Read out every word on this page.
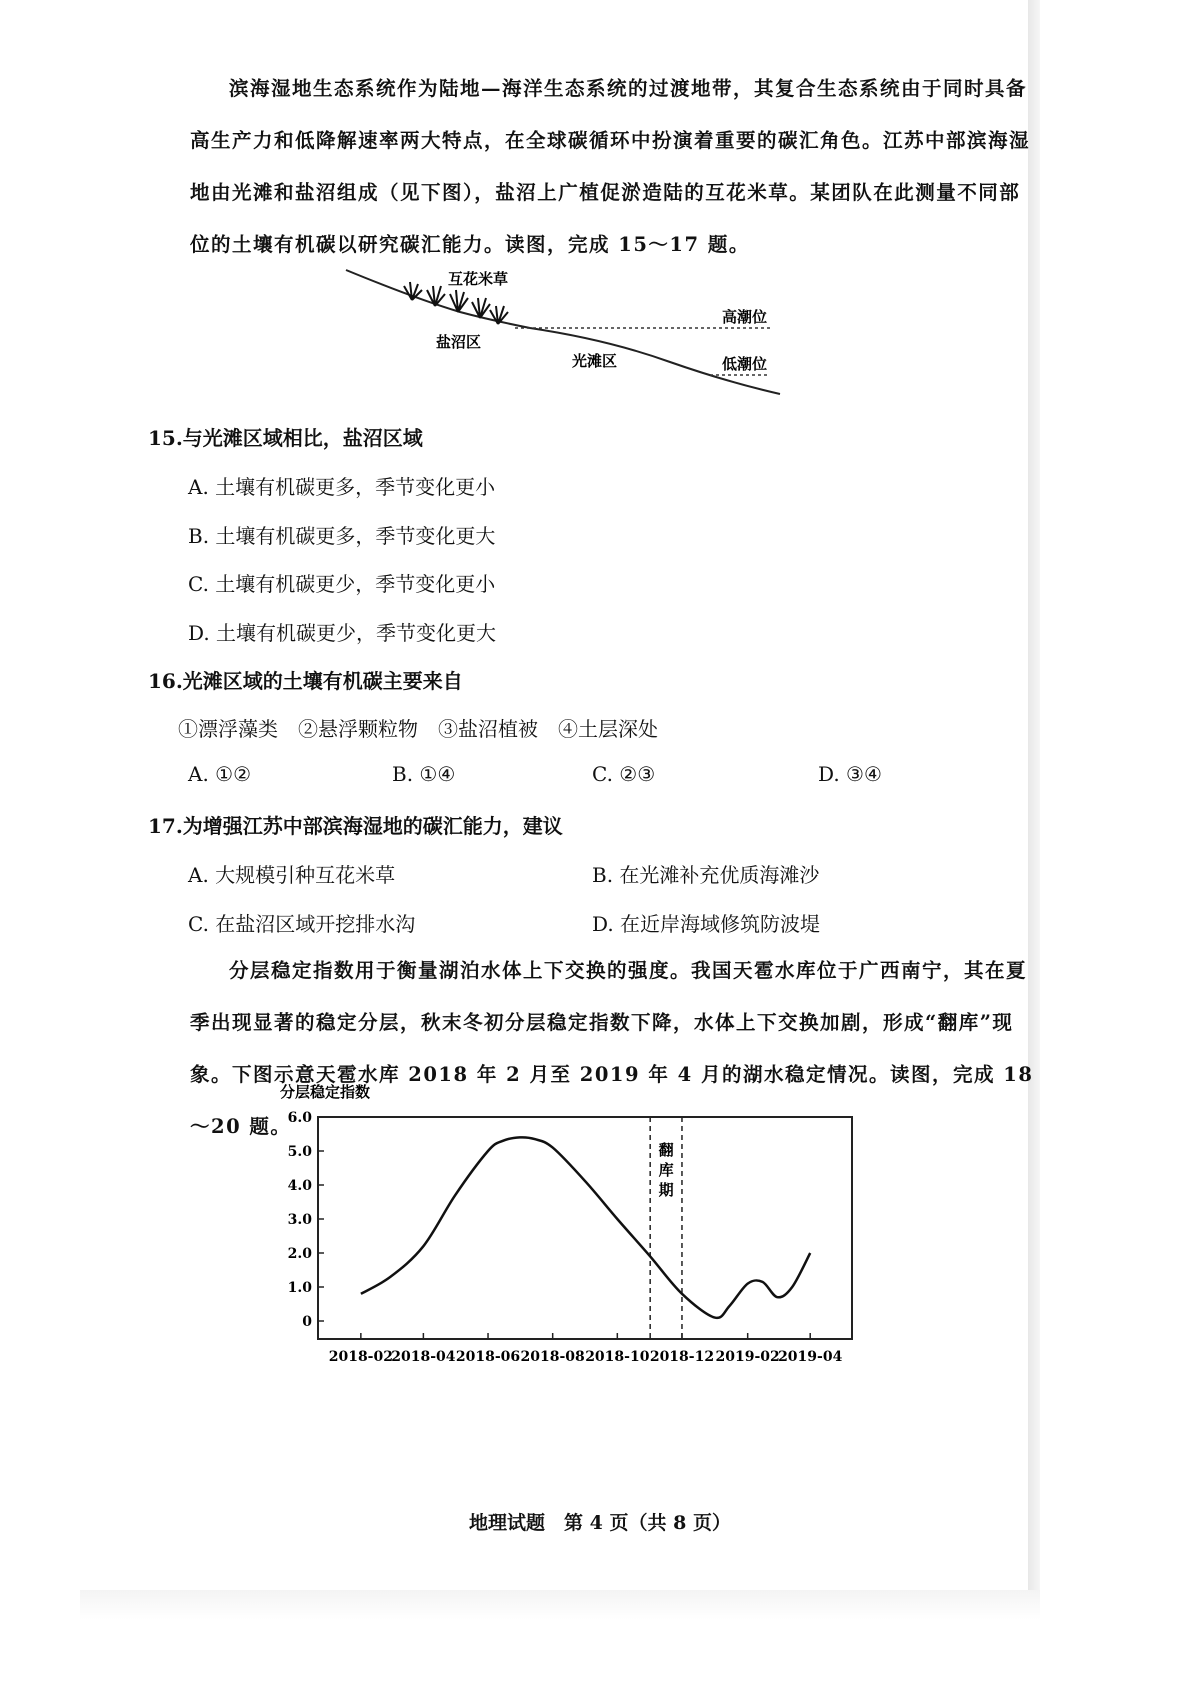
滨海湿地生态系统作为陆地—海洋生态系统的过渡地带，其复合生态系统由于同时具备高生产力和低降解速率两大特点，在全球碳循环中扮演着重要的碳汇角色。江苏中部滨海湿地由光滩和盐沼组成（见下图），盐沼上广植促淤造陆的互花米草。某团队在此测量不同部位的土壤有机碳以研究碳汇能力。读图，完成 15～17 题。

互花米草
盐沼区
光滩区
高潮位
低潮位
15.与光滩区域相比，盐沼区域
A. 土壤有机碳更多，季节变化更小
B. 土壤有机碳更多，季节变化更大
C. 土壤有机碳更少，季节变化更小
D. 土壤有机碳更少，季节变化更大
16.光滩区域的土壤有机碳主要来自
①漂浮藻类　②悬浮颗粒物　③盐沼植被　④土层深处
A. ①②	B. ①④	C. ②③	D. ③④
17.为增强江苏中部滨海湿地的碳汇能力，建议
A. 大规模引种互花米草	B. 在光滩补充优质海滩沙
C. 在盐沼区域开挖排水沟	D. 在近岸海域修筑防波堤

分层稳定指数用于衡量湖泊水体上下交换的强度。我国天雹水库位于广西南宁，其在夏季出现显著的稳定分层，秋末冬初分层稳定指数下降，水体上下交换加剧，形成“翻库”现象。下图示意天雹水库 2018 年 2 月至 2019 年 4 月的湖水稳定情况。读图，完成 18～20 题。

分层稳定指数
翻
库
期
0
1.0
2.0
3.0
4.0
5.0
6.0
2018-02
2018-04 2018-06 2018-08 2018-10 2018-12 2019-02
2019-04
地理试题　第 4 页（共 8 页）
